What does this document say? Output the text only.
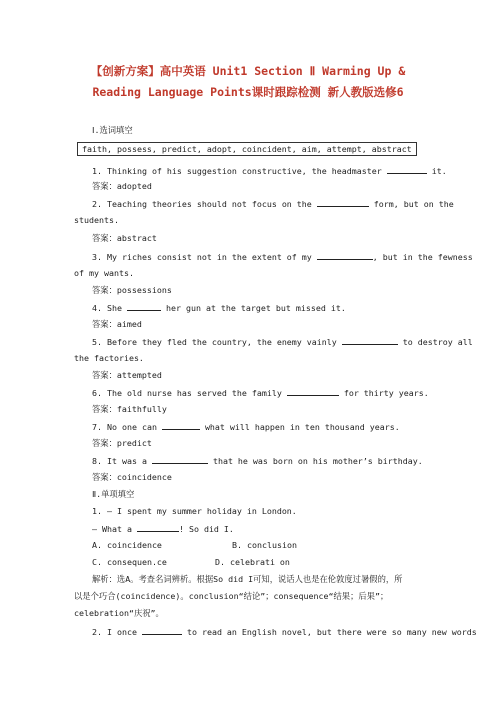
【创新方案】高中英语 Unit1 Section Ⅱ Warming Up &
Reading Language Points课时跟踪检测 新人教版选修6
Ⅰ.选词填空
faith, possess, predict, adopt, coincident, aim, attempt, abstract
1. Thinking of his suggestion constructive, the headmaster	it.
答案：adopted
2. Teaching theories should not focus on the	form, but on the
students.
答案：abstract
3. My riches consist not in the extent of my	, but in the fewness
of my wants.
答案：possessions
4. She	her gun at the target but missed it.
答案：aimed
5. Before they fled the country, the enemy vainly	to destroy all
the factories.
答案：attempted
6. The old nurse has served the family	for thirty years.
答案：faithfully
7. No one can	what will happen in ten thousand years.
答案：predict
8. It was a	that he was born on his mother’s birthday.
答案：coincidence
Ⅱ.单项填空
1. — I spent my summer holiday in London.
— What a	! So did I.
A. coincidence	B. conclusion
C. consequen.ce	D. celebrati on
解析：选A。考查名词辨析。根据So did I可知，说话人也是在伦敦度过暑假的，所
以是个巧合(coincidence)。conclusion“结论”；consequence“结果；后果”；
celebration“庆祝”。
2. I once	to read an English novel, but there were so many new words
